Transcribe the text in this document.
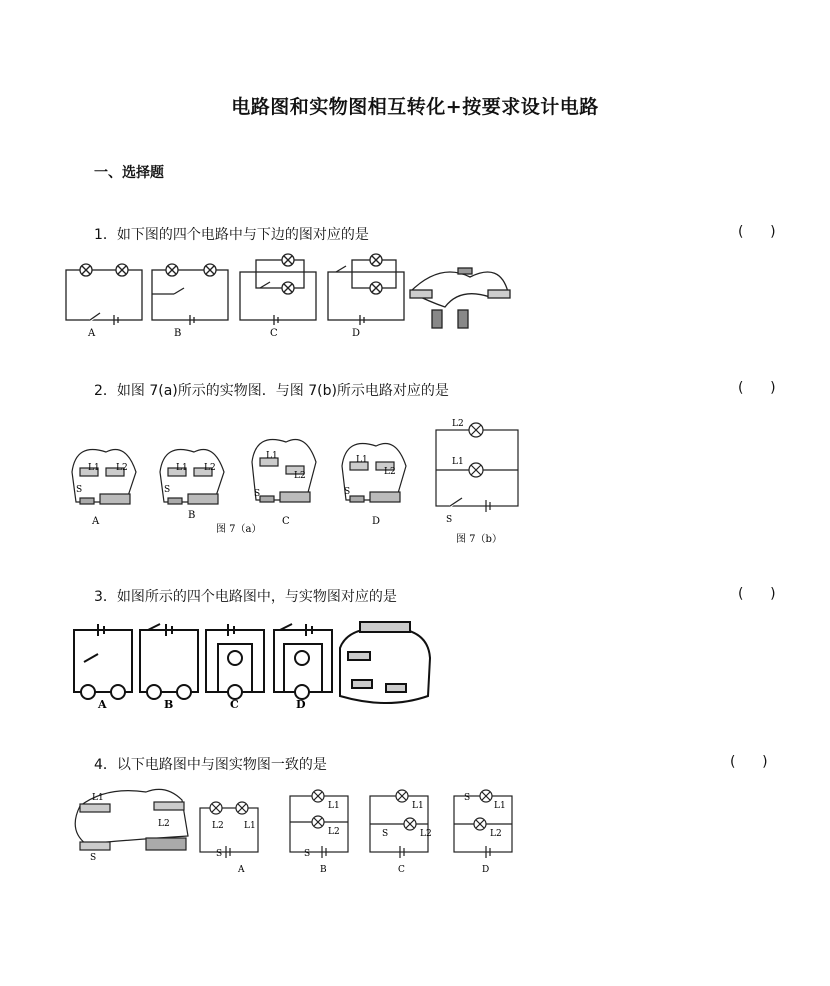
电路图和实物图相互转化+按要求设计电路
一、选择题
1．如下图的四个电路中与下边的图对应的是	(      )
A	B	C	D
2．如图 7(a)所示的实物图．与图 7(b)所示电路对应的是	(      )
L1 L2
S
L1 L2
S
L1
L2
S
L1
L2
S
L2
L1
S
A
B
C	D
图 7（a）
图 7（b）
3．如图所示的四个电路图中，与实物图对应的是	(      )
A	B	C	D
4．以下电路图中与图实物图一致的是	(      )
L1
L2
S
L2 L1
S
L1
L2
S
L1
L2
S
S
L1
L2
A	B	C	D
